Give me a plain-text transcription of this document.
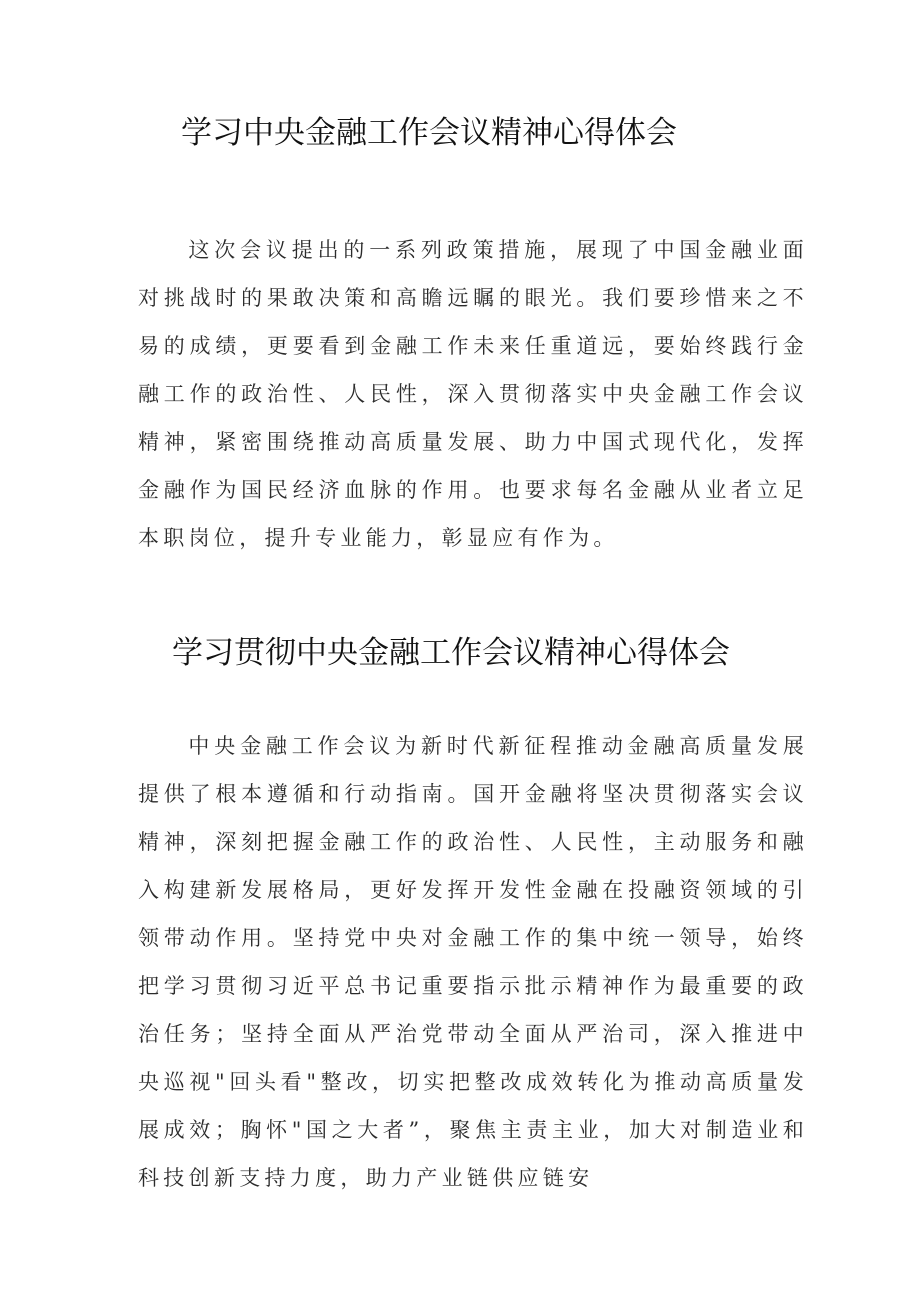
学习中央金融工作会议精神心得体会

这次会议提出的一系列政策措施，展现了中国金融业面对挑战时的果敢决策和高瞻远瞩的眼光。我们要珍惜来之不易的成绩，更要看到金融工作未来任重道远，要始终践行金融工作的政治性、人民性，深入贯彻落实中央金融工作会议精神，紧密围绕推动高质量发展、助力中国式现代化，发挥金融作为国民经济血脉的作用。也要求每名金融从业者立足本职岗位，提升专业能力，彰显应有作为。

学习贯彻中央金融工作会议精神心得体会

中央金融工作会议为新时代新征程推动金融高质量发展提供了根本遵循和行动指南。国开金融将坚决贯彻落实会议精神，深刻把握金融工作的政治性、人民性，主动服务和融入构建新发展格局，更好发挥开发性金融在投融资领域的引领带动作用。坚持党中央对金融工作的集中统一领导，始终把学习贯彻习近平总书记重要指示批示精神作为最重要的政治任务；坚持全面从严治党带动全面从严治司，深入推进中央巡视"回头看"整改，切实把整改成效转化为推动高质量发展成效；胸怀"国之大者”，聚焦主责主业，加大对制造业和科技创新支持力度，助力产业链供应链安
